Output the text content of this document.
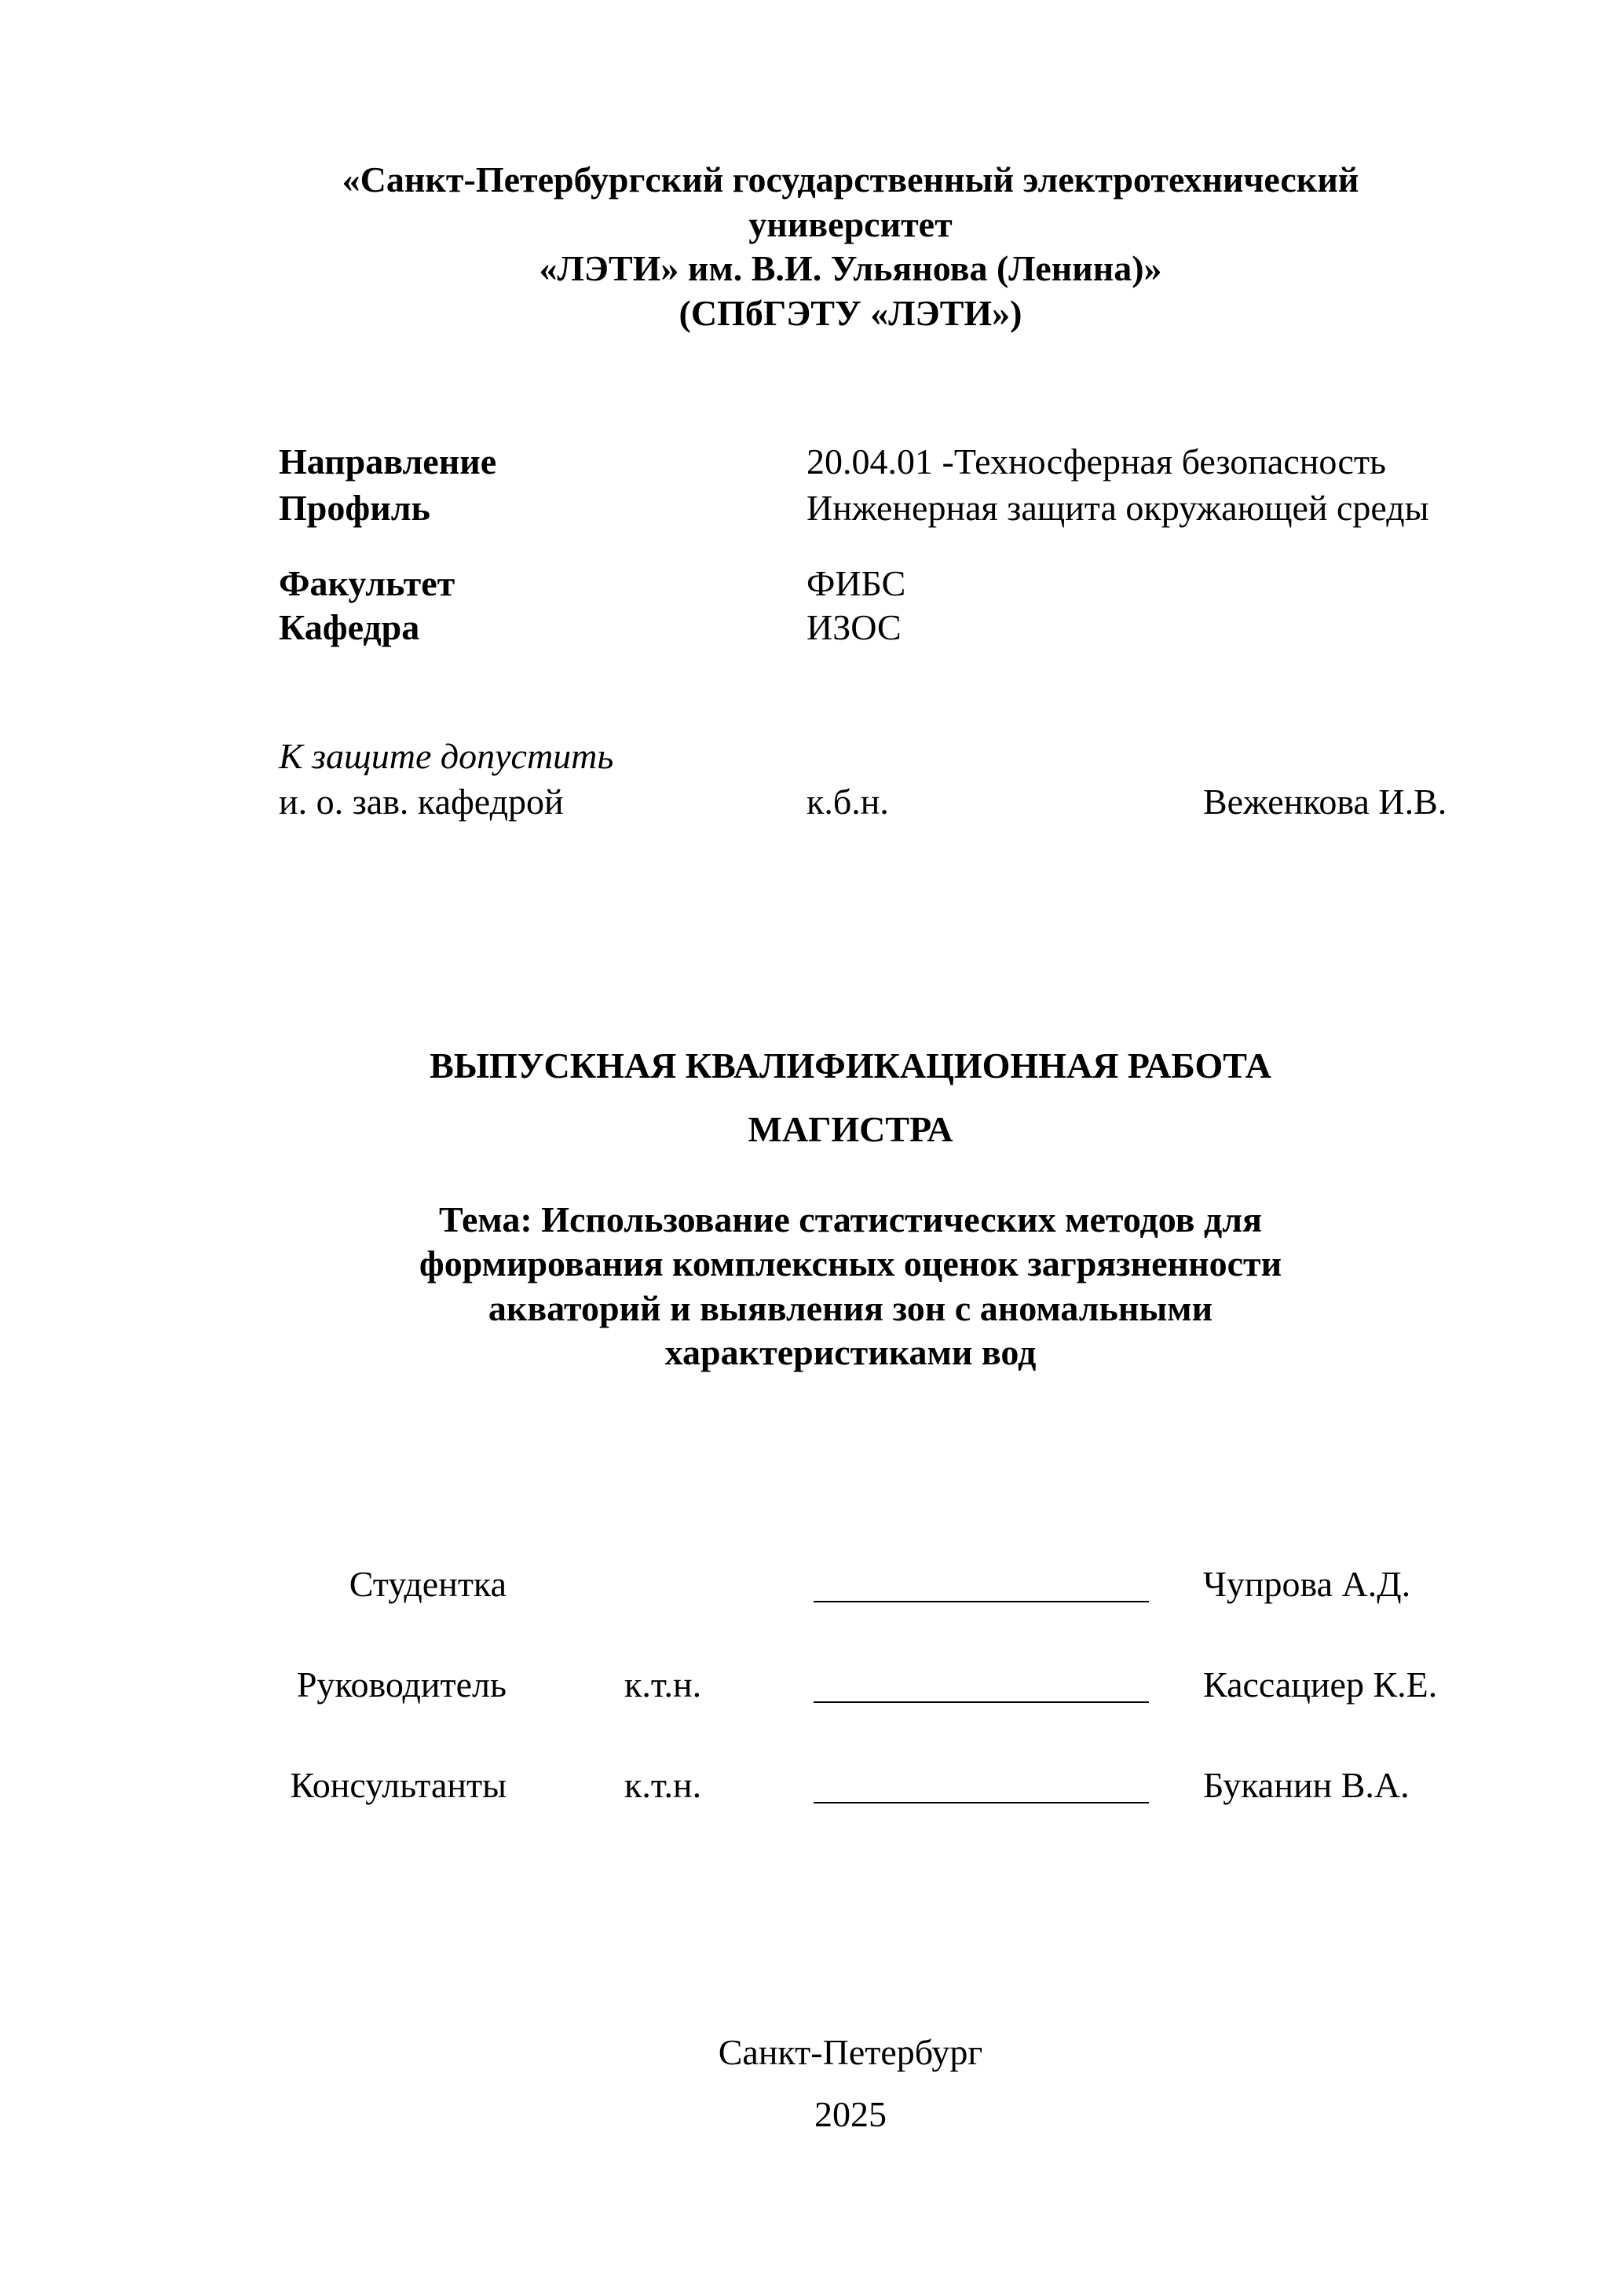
«Санкт-Петербургский государственный электротехнический
университет
«ЛЭТИ» им. В.И. Ульянова (Ленина)»
(СПбГЭТУ «ЛЭТИ»)
Направление	20.04.01 -Техносферная безопасность
Профиль	Инженерная защита окружающей среды
Факультет	ФИБС
Кафедра	ИЗОС
К защите допустить
и. о. зав. кафедрой	к.б.н.	Веженкова И.В.
ВЫПУСКНАЯ КВАЛИФИКАЦИОННАЯ РАБОТА
МАГИСТРА
Тема: Использование статистических методов для
формирования комплексных оценок загрязненности
акваторий и выявления зон с аномальными
характеристиками вод
Студентка	Чупрова А.Д.
Руководитель	к.т.н.	Кассациер К.Е.
Консультанты	к.т.н.	Буканин В.А.
Санкт-Петербург
2025
